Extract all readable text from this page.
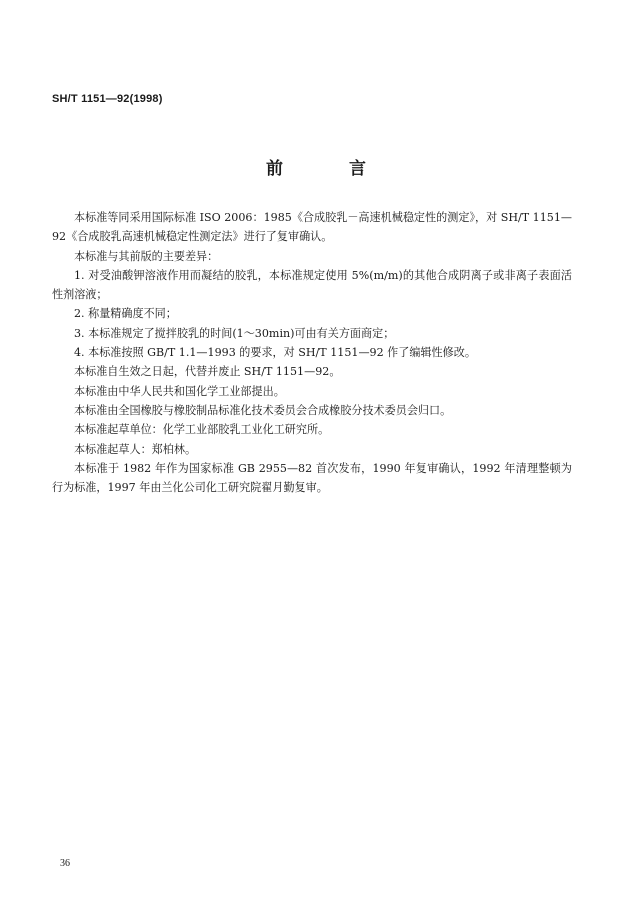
SH/T 1151—92(1998)
前 言

本标准等同采用国际标准 ISO 2006：1985《合成胶乳－高速机械稳定性的测定》，对 SH/T 1151—92《合成胶乳高速机械稳定性测定法》进行了复审确认。

本标准与其前版的主要差异：

1. 对受油酸钾溶液作用而凝结的胶乳，本标准规定使用 5%(m/m)的其他合成阴离子或非离子表面活性剂溶液；

2. 称量精确度不同；

3. 本标准规定了搅拌胶乳的时间(1～30min)可由有关方面商定；

4. 本标准按照 GB/T 1.1—1993 的要求，对 SH/T 1151—92 作了编辑性修改。

本标准自生效之日起，代替并废止 SH/T 1151—92。

本标准由中华人民共和国化学工业部提出。

本标准由全国橡胶与橡胶制品标准化技术委员会合成橡胶分技术委员会归口。

本标准起草单位：化学工业部胶乳工业化工研究所。

本标准起草人：郑柏林。

本标准于 1982 年作为国家标准 GB 2955—82 首次发布，1990 年复审确认，1992 年清理整顿为行为标准，1997 年由兰化公司化工研究院翟月勤复审。

36
